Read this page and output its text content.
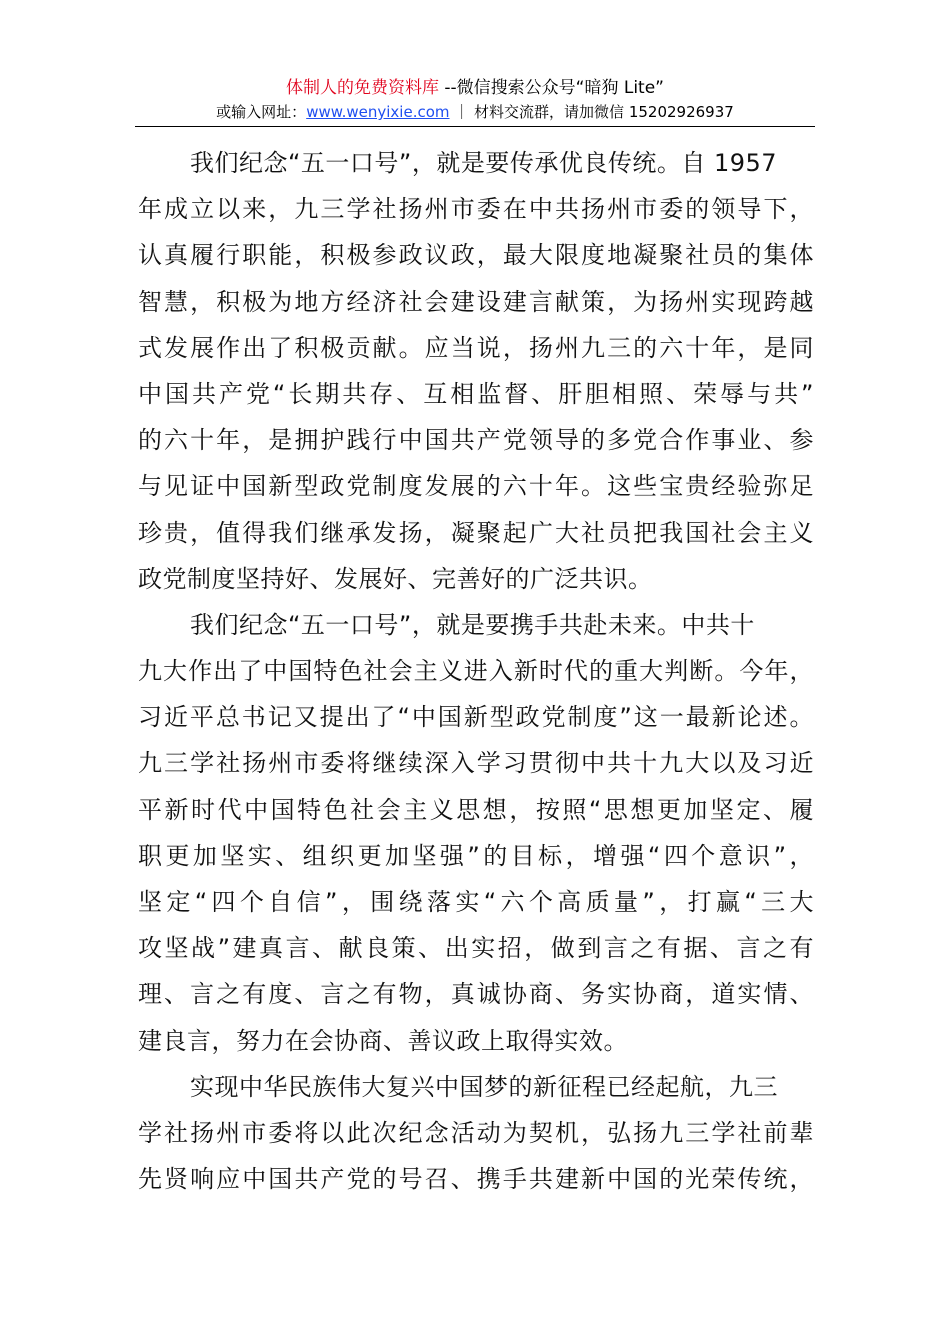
体制人的免费资料库 --微信搜索公众号“暗狗 Lite”
或输入网址：www.wenyixie.com ｜ 材料交流群，请加微信 15202926937
我们纪念“五一口号”，就是要传承优良传统。自 1957
年成立以来，九三学社扬州市委在中共扬州市委的领导下，
认真履行职能，积极参政议政，最大限度地凝聚社员的集体
智慧，积极为地方经济社会建设建言献策，为扬州实现跨越
式发展作出了积极贡献。应当说，扬州九三的六十年，是同
中国共产党“长期共存、互相监督、肝胆相照、荣辱与共”
的六十年，是拥护践行中国共产党领导的多党合作事业、参
与见证中国新型政党制度发展的六十年。这些宝贵经验弥足
珍贵，值得我们继承发扬，凝聚起广大社员把我国社会主义
政党制度坚持好、发展好、完善好的广泛共识。
我们纪念“五一口号”，就是要携手共赴未来。中共十
九大作出了中国特色社会主义进入新时代的重大判断。今年，
习近平总书记又提出了“中国新型政党制度”这一最新论述。
九三学社扬州市委将继续深入学习贯彻中共十九大以及习近
平新时代中国特色社会主义思想，按照“思想更加坚定、履
职更加坚实、组织更加坚强”的目标，增强“四个意识”，
坚定“四个自信”，围绕落实“六个高质量”，打赢“三大
攻坚战”建真言、献良策、出实招，做到言之有据、言之有
理、言之有度、言之有物，真诚协商、务实协商，道实情、
建良言，努力在会协商、善议政上取得实效。
实现中华民族伟大复兴中国梦的新征程已经起航，九三
学社扬州市委将以此次纪念活动为契机，弘扬九三学社前辈
先贤响应中国共产党的号召、携手共建新中国的光荣传统，
